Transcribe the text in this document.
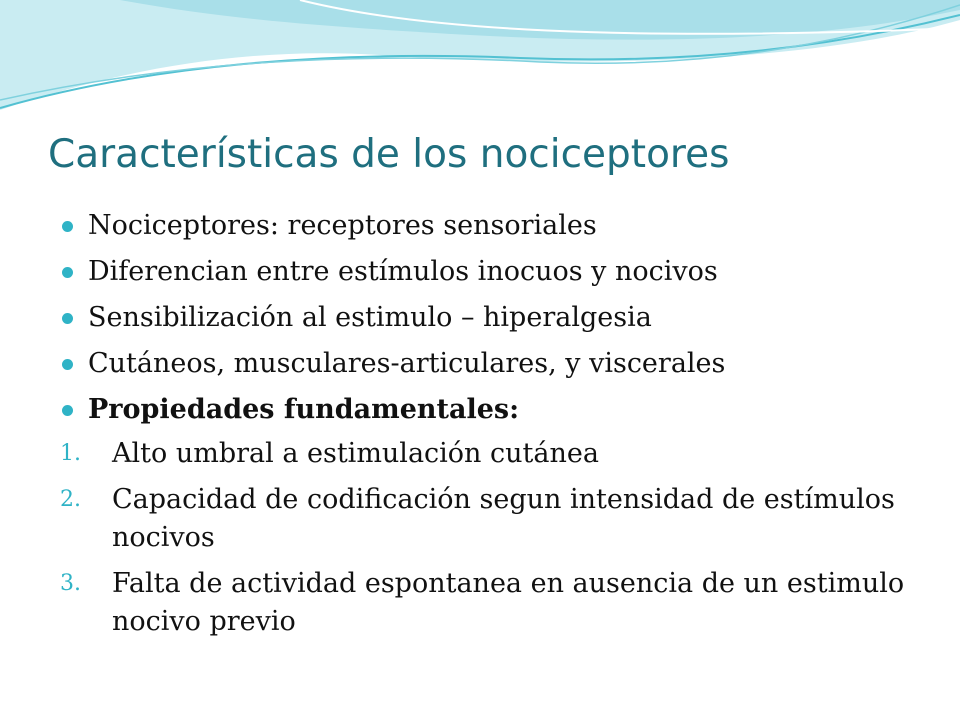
Características de los nociceptores
Nociceptores: receptores sensoriales
Diferencian entre estímulos inocuos y nocivos
Sensibilización al estimulo – hiperalgesia
Cutáneos, musculares-articulares, y viscerales
Propiedades fundamentales:
1.	Alto umbral a estimulación cutánea
2.	Capacidad de codificación segun intensidad de estímulos nocivos
3.	Falta de actividad espontanea en ausencia de un estimulo nocivo previo
